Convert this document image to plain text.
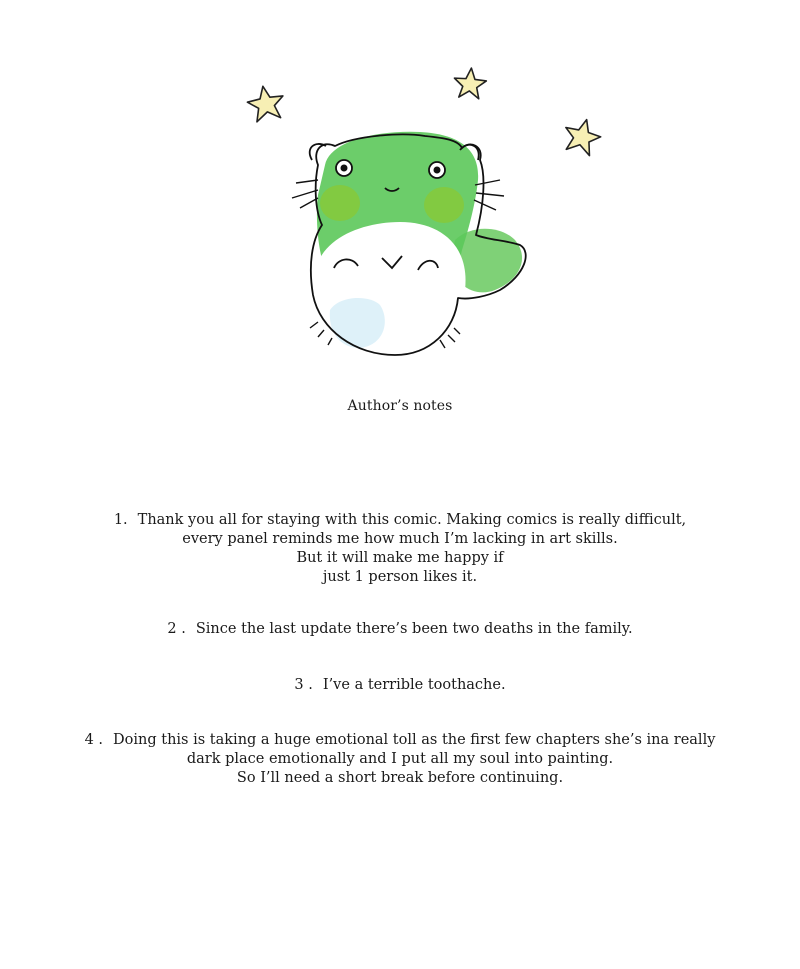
Author’s notes
1. Thank you all for staying with this comic. Making comics is really difficult,
every panel reminds me how much I’m lacking in art skills.
But it will make me happy if
just 1 person likes it.
2 . Since the last update there’s been two deaths in the family.
3 . I’ve a terrible toothache.
4 . Doing this is taking a huge emotional toll as the first few chapters she’s ina really
dark place emotionally and I put all my soul into painting.
So I’ll need a short break before continuing.
